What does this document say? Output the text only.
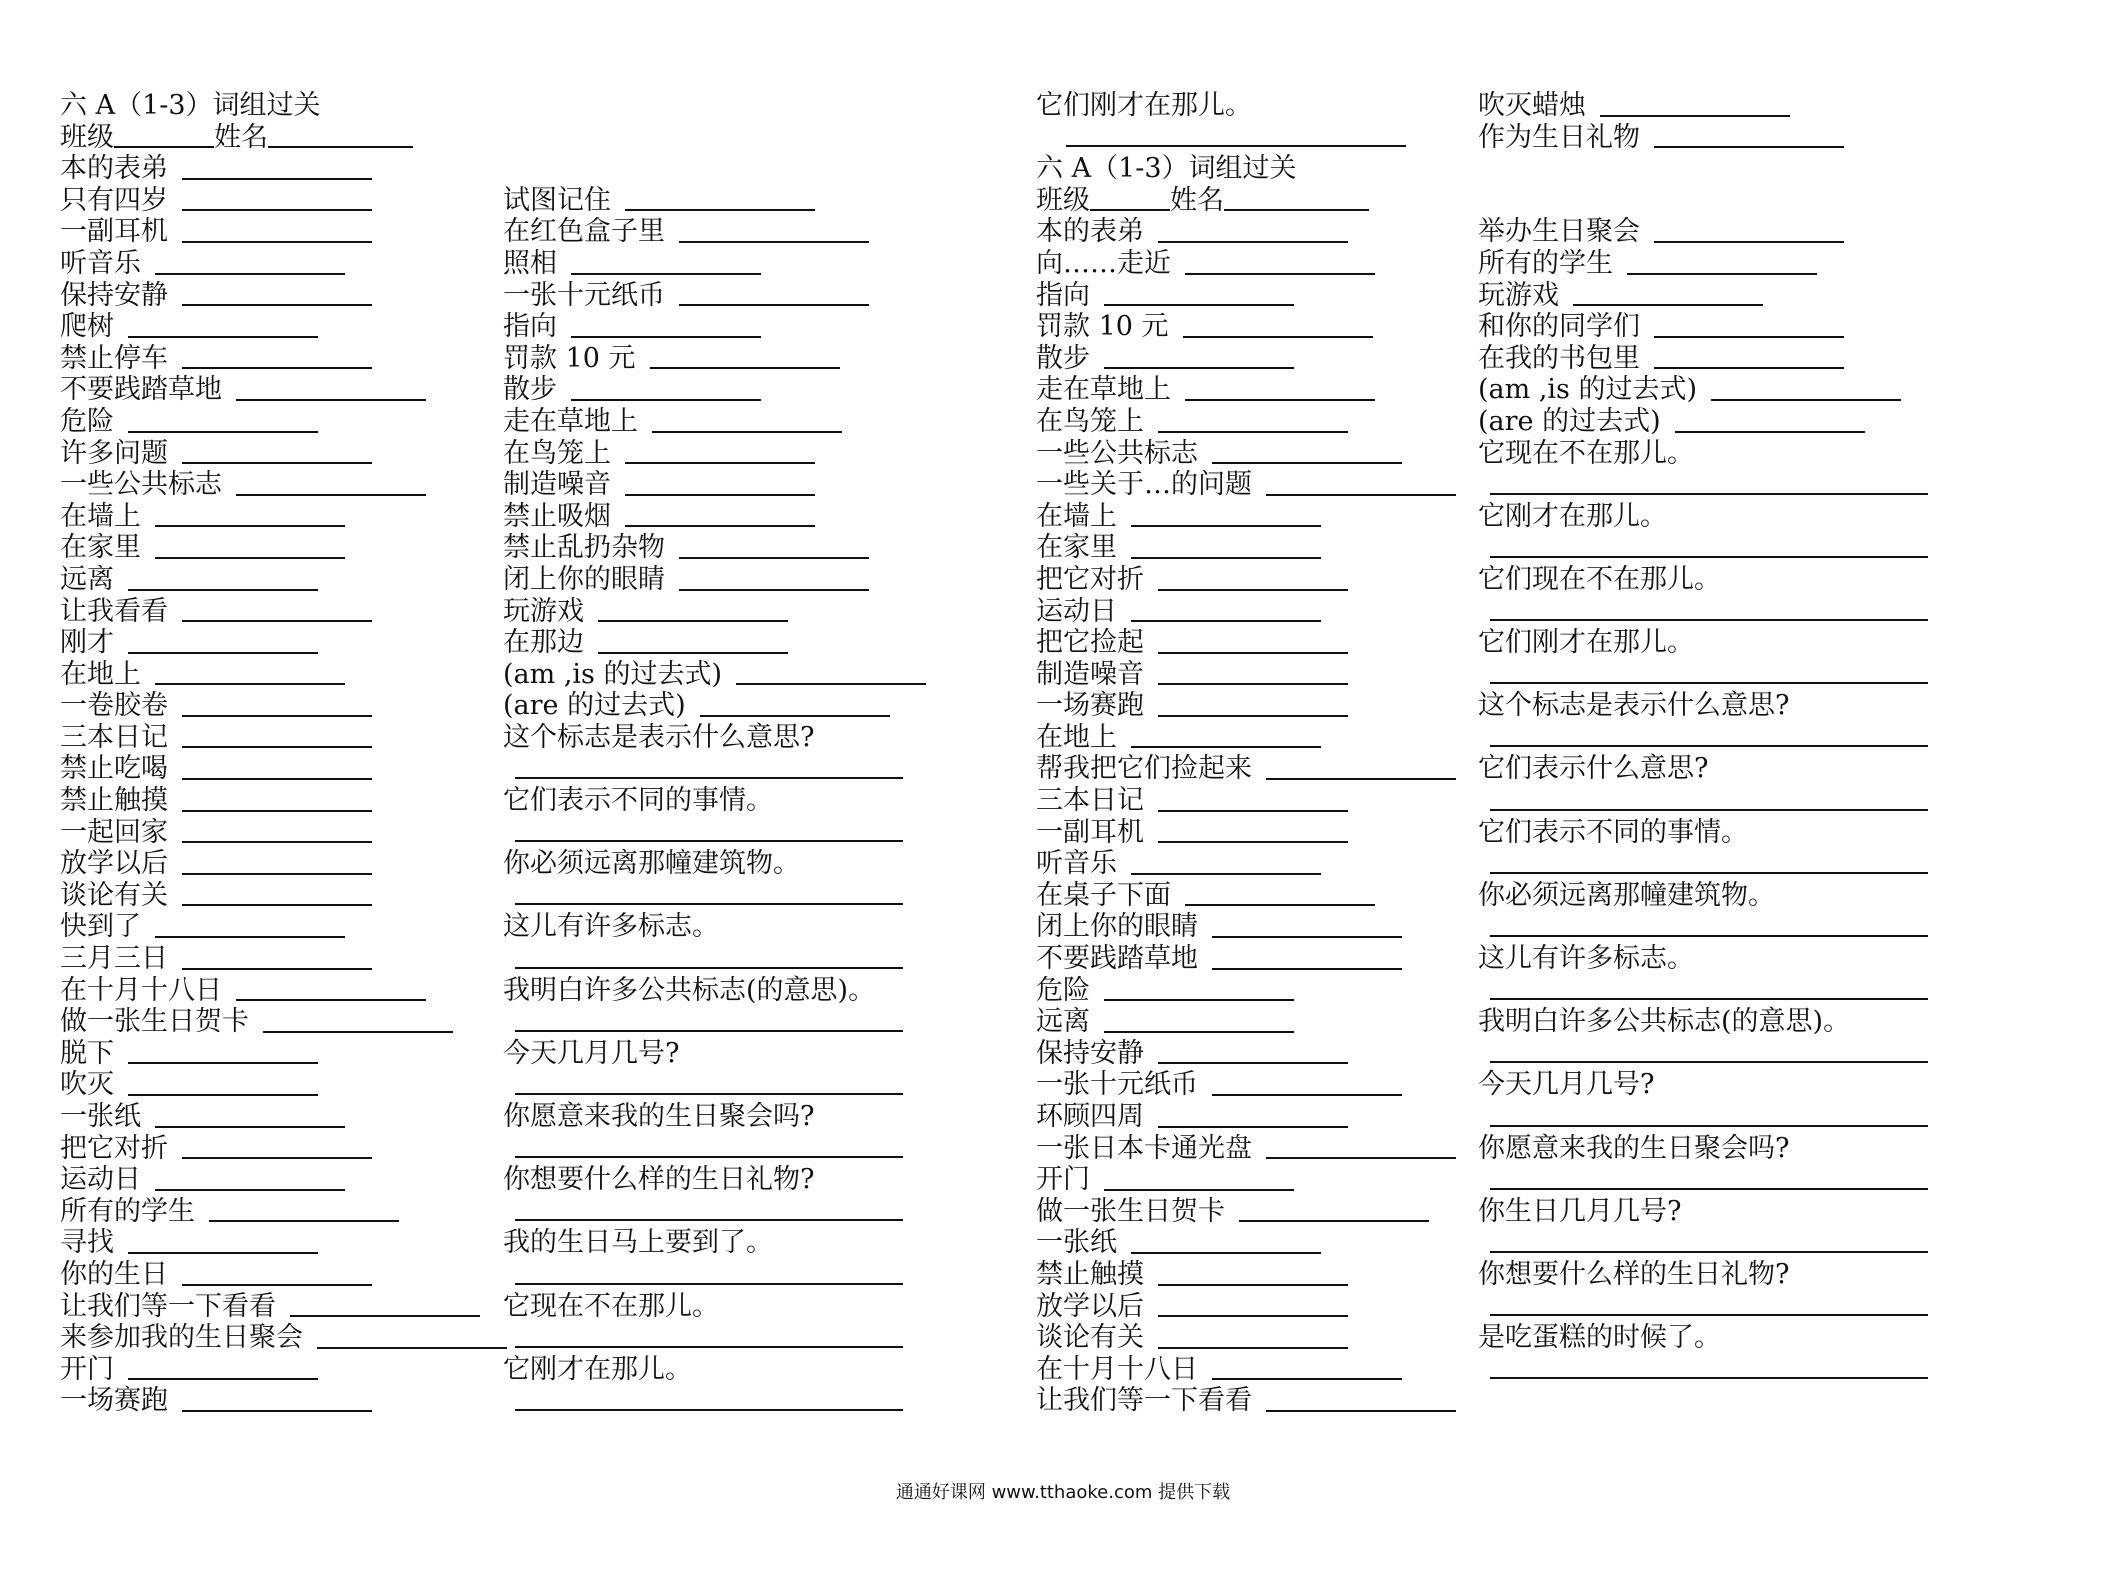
六 A（1-3）词组过关
班级	姓名
本的表弟
只有四岁
一副耳机
听音乐
保持安静
爬树
禁止停车
不要践踏草地
危险
许多问题
一些公共标志
在墙上
在家里
远离
让我看看
刚才
在地上
一卷胶卷
三本日记
禁止吃喝
禁止触摸
一起回家
放学以后
谈论有关
快到了
三月三日
在十月十八日
做一张生日贺卡
脱下
吹灭
一张纸
把它对折
运动日
所有的学生
寻找
你的生日
让我们等一下看看
来参加我的生日聚会
开门
一场赛跑
试图记住
在红色盒子里
照相
一张十元纸币
指向
罚款 10 元
散步
走在草地上
在鸟笼上
制造噪音
禁止吸烟
禁止乱扔杂物
闭上你的眼睛
玩游戏
在那边
(am ,is 的过去式)
(are 的过去式)
这个标志是表示什么意思?
它们表示不同的事情。
你必须远离那幢建筑物。
这儿有许多标志。
我明白许多公共标志(的意思)。
今天几月几号?
你愿意来我的生日聚会吗?
你想要什么样的生日礼物?
我的生日马上要到了。
它现在不在那儿。
它刚才在那儿。
它们刚才在那儿。
六 A（1-3）词组过关
班级	姓名
本的表弟
向……走近
指向
罚款 10 元
散步
走在草地上
在鸟笼上
一些公共标志
一些关于…的问题
在墙上
在家里
把它对折
运动日
把它捡起
制造噪音
一场赛跑
在地上
帮我把它们捡起来
三本日记
一副耳机
听音乐
在桌子下面
闭上你的眼睛
不要践踏草地
危险
远离
保持安静
一张十元纸币
环顾四周
一张日本卡通光盘
开门
做一张生日贺卡
一张纸
禁止触摸
放学以后
谈论有关
在十月十八日
让我们等一下看看
吹灭蜡烛
作为生日礼物
举办生日聚会
所有的学生
玩游戏
和你的同学们
在我的书包里
(am ,is 的过去式)
(are 的过去式)
它现在不在那儿。
它刚才在那儿。
它们现在不在那儿。
它们刚才在那儿。
这个标志是表示什么意思?
它们表示什么意思?
它们表示不同的事情。
你必须远离那幢建筑物。
这儿有许多标志。
我明白许多公共标志(的意思)。
今天几月几号?
你愿意来我的生日聚会吗?
你生日几月几号?
你想要什么样的生日礼物?
是吃蛋糕的时候了。
通通好课网 www.tthaoke.com 提供下载
